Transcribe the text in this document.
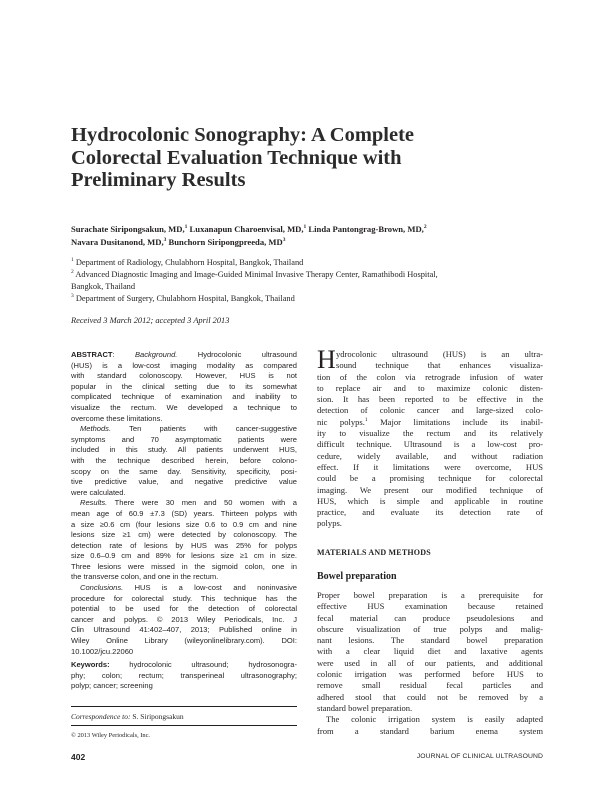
Hydrocolonic Sonography: A Complete
Colorectal Evaluation Technique with
Preliminary Results
Surachate Siripongsakun, MD,$^1$ Luxanapun Charoenvisal, MD,$^1$ Linda Pantongrag-Brown, MD,$^2$
Navara Dusitanond, MD,$^3$ Bunchorn Siripongpreeda, $MD^3$
$^1$ Department of Radiology, Chulabhorn Hospital, Bangkok, Thailand
$^2$ Advanced Diagnostic Imaging and Image-Guided Minimal Invasive Therapy Center, Ramathibodi Hospital,
Bangkok, Thailand
$^3$ Department of Surgery, Chulabhorn Hospital, Bangkok, Thailand
Received 3 March 2012; accepted 3 April 2013
ABSTRACT: Background. Hydrocolonic ultrasound
(HUS) is a low-cost imaging modality as compared
with standard colonoscopy. However, HUS is not
popular in the clinical setting due to its somewhat
complicated technique of examination and inability to
visualize the rectum. We developed a technique to
overcome these limitations.
Methods. Ten patients with cancer-suggestive
symptoms and 70 asymptomatic patients were
included in this study. All patients underwent HUS,
with the technique described herein, before colono-
scopy on the same day. Sensitivity, specificity, posi-
tive predictive value, and negative predictive value
were calculated.
Results. There were 30 men and 50 women with a
mean age of 60.9 ±7.3 (SD) years. Thirteen polyps with
a size ≥0.6 cm (four lesions size 0.6 to 0.9 cm and nine
lesions size ≥1 cm) were detected by colonoscopy. The
detection rate of lesions by HUS was 25% for polyps
size 0.6–0.9 cm and 89% for lesions size ≥1 cm in size.
Three lesions were missed in the sigmoid colon, one in
the transverse colon, and one in the rectum.
Conclusions. HUS is a low-cost and noninvasive
procedure for colorectal study. This technique has the
potential to be used for the detection of colorectal
cancer and polyps. © 2013 Wiley Periodicals, Inc. J
Clin Ultrasound 41:402–407, 2013; Published online in
Wiley Online Library (wileyonlinelibrary.com). DOI:
10.1002/jcu.22060
Keywords: hydrocolonic ultrasound; hydrosonogra-
phy; colon; rectum; transperineal ultrasonography;
polyp; cancer; screening
H ydrocolonic ultrasound (HUS) is an ultra-
sound technique that enhances visualiza-
tion of the colon via retrograde infusion of water
to replace air and to maximize colonic disten-
sion. It has been reported to be effective in the
detection of colonic cancer and large-sized colo-
nic polyps.$^1$ Major limitations include its inabil-
ity to visualize the rectum and its relatively
difficult technique. Ultrasound is a low-cost pro-
cedure, widely available, and without radiation
effect. If it limitations were overcome, HUS
could be a promising technique for colorectal
imaging. We present our modified technique of
HUS, which is simple and applicable in routine
practice, and evaluate its detection rate of
polyps.
MATERIALS AND METHODS
Bowel preparation
Proper bowel preparation is a prerequisite for
effective HUS examination because retained
fecal material can produce pseudolesions and
obscure visualization of true polyps and malig-
nant lesions. The standard bowel preparation
with a clear liquid diet and laxative agents
were used in all of our patients, and additional
colonic irrigation was performed before HUS to
remove small residual fecal particles and
adhered stool that could not be removed by a
standard bowel preparation.
The colonic irrigation system is easily adapted
from a standard barium enema system
Correspondence to: S. Siripongsakun
© 2013 Wiley Periodicals, Inc.
402	JOURNAL OF CLINICAL ULTRASOUND
